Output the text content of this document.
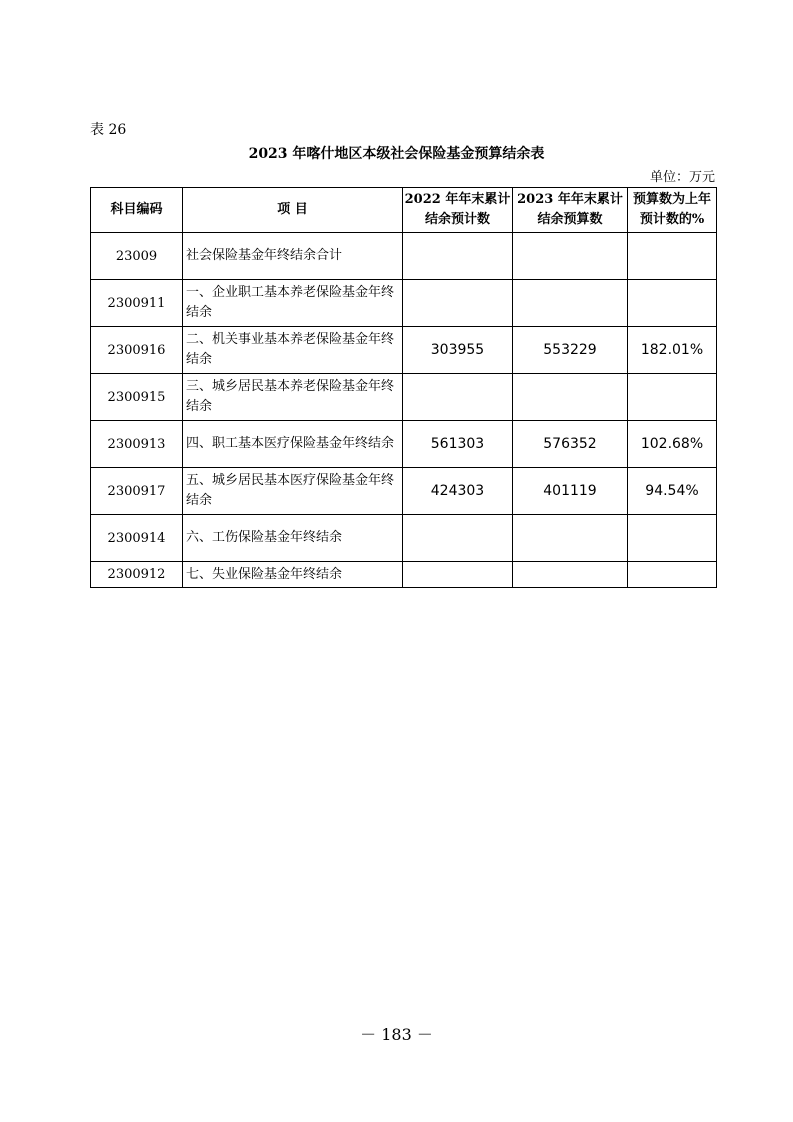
表 26
2023 年喀什地区本级社会保险基金预算结余表
单位：万元
科目编码	项 目	2022 年年末累计结余预计数	2023 年年末累计结余预算数	预算数为上年预计数的%
23009	社会保险基金年终结余合计			
2300911	一、企业职工基本养老保险基金年终结余			
2300916	二、机关事业基本养老保险基金年终结余	303955	553229	182.01%
2300915	三、城乡居民基本养老保险基金年终结余			
2300913	四、职工基本医疗保险基金年终结余	561303	576352	102.68%
2300917	五、城乡居民基本医疗保险基金年终结余	424303	401119	94.54%
2300914	六、工伤保险基金年终结余			
2300912	七、失业保险基金年终结余			
－ 183 －
